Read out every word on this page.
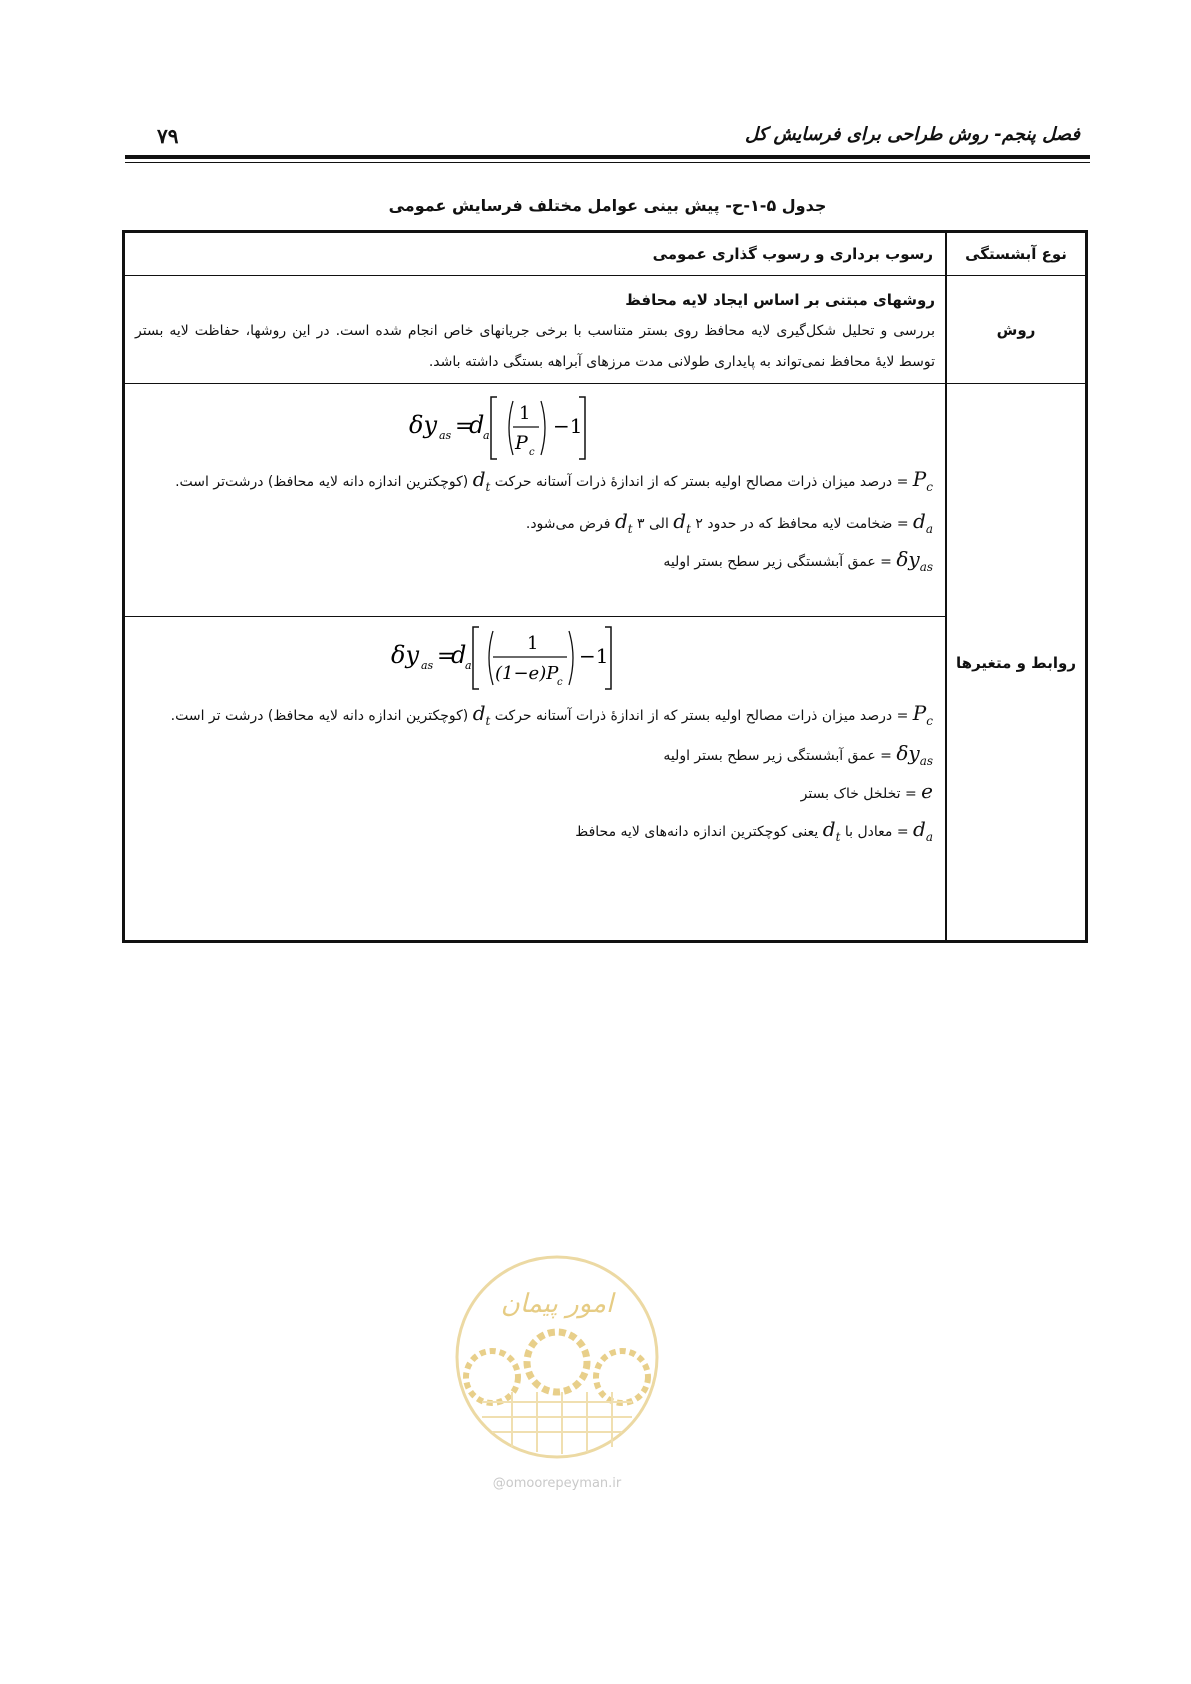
۷۹	فصل پنجم- روش طراحی برای فرسایش کل
جدول ۵-۱-ح- پیش بینی عوامل مختلف فرسایش عمومی
نوع آبشستگی
رسوب برداری و رسوب گذاری عمومی
روش
روشهای مبتنی بر اساس ایجاد لایه محافظ
بررسی و تحلیل شکل‌گیری لایه محافظ روی بستر متناسب با برخی جریانهای خاص انجام شده است. در این روشها، حفاظت لایه بستر توسط لایهٔ محافظ نمی‌تواند به پایداری طولانی مدت مرزهای آبراهه بستگی داشته باشد.
روابط و متغیرها
δy as =
d
a
1
P c
−1
$P_c$ = درصد میزان ذرات مصالح اولیه بستر که از اندازهٔ ذرات آستانه حرکت $d_t$ (کوچکترین اندازه دانه لایه محافظ) درشت‌تر است.
$d_a$ = ضخامت لایه محافظ که در حدود ۲ $d_t$ الی ۳ $d_t$ فرض می‌شود.
$\delta y_{as}$ = عمق آبشستگی زیر سطح بستر اولیه
δy as =
d
a
1
(1−e)P
c
−1
$P_c$ = درصد میزان ذرات مصالح اولیه بستر که از اندازهٔ ذرات آستانه حرکت $d_t$ (کوچکترین اندازه دانه لایه محافظ) درشت تر است.
$\delta y_{as}$ = عمق آبشستگی زیر سطح بستر اولیه
e = تخلخل خاک بستر
$d_a$ = معادل با $d_t$ یعنی کوچکترین اندازه دانه‌های لایه محافظ
امور پیمان
@omoorepeyman.ir
